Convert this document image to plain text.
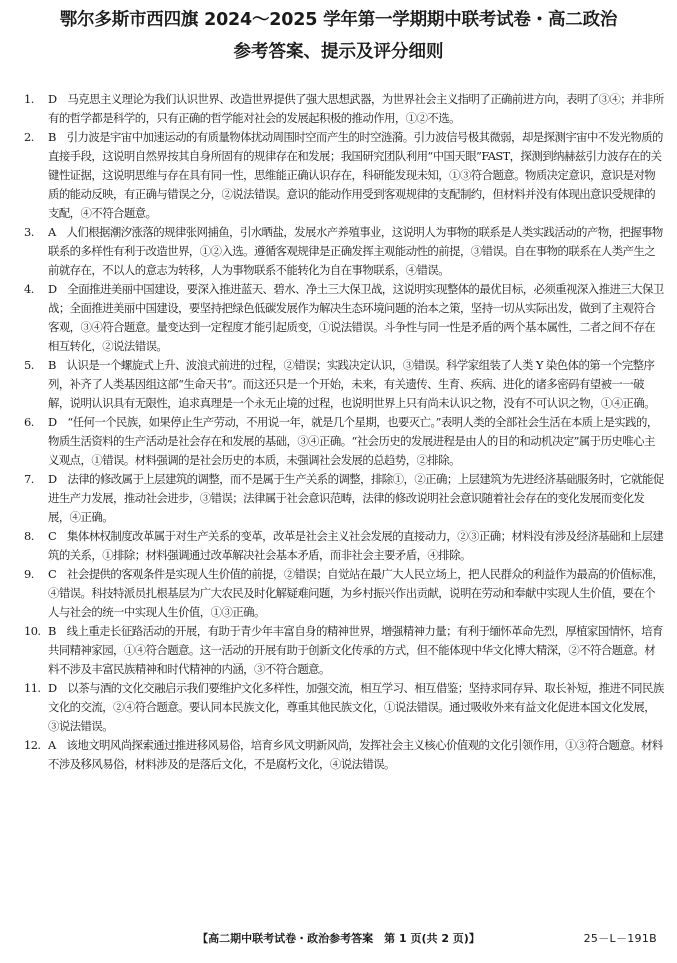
鄂尔多斯市西四旗 2024～2025 学年第一学期期中联考试卷・高二政治
参考答案、提示及评分细则
1. D　马克思主义理论为我们认识世界、改造世界提供了强大思想武器，为世界社会主义指明了正确前进方向，表明了③④；并非所有的哲学都是科学的，只有正确的哲学能对社会的发展起积极的推动作用，①②不选。
2. B　引力波是宇宙中加速运动的有质量物体扰动周围时空而产生的时空涟漪。引力波信号极其微弱，却是探测宇宙中不发光物质的直接手段，这说明自然界按其自身所固有的规律存在和发展；我国研究团队利用“中国天眼”FAST，探测到纳赫兹引力波存在的关键性证据，这说明思维与存在具有同一性，思维能正确认识存在，科研能发现未知，①③符合题意。物质决定意识，意识是对物质的能动反映，有正确与错误之分，②说法错误。意识的能动作用受到客观规律的支配制约，但材料并没有体现出意识受规律的支配，④不符合题意。
3. A　人们根据潮汐涨落的规律张网捕鱼，引水晒盐，发展水产养殖事业，这说明人为事物的联系是人类实践活动的产物，把握事物联系的多样性有利于改造世界，①②入选。遵循客观规律是正确发挥主观能动性的前提，③错误。自在事物的联系在人类产生之前就存在，不以人的意志为转移，人为事物联系不能转化为自在事物联系，④错误。
4. D　全面推进美丽中国建设，要深入推进蓝天、碧水、净土三大保卫战，这说明实现整体的最优目标，必须重视深入推进三大保卫战；全面推进美丽中国建设，要坚持把绿色低碳发展作为解决生态环境问题的治本之策，坚持一切从实际出发，做到了主观符合客观，③④符合题意。量变达到一定程度才能引起质变，①说法错误。斗争性与同一性是矛盾的两个基本属性，二者之间不存在相互转化，②说法错误。
5. B　认识是一个螺旋式上升、波浪式前进的过程，②错误；实践决定认识，③错误。科学家组装了人类 Y 染色体的第一个完整序列，补齐了人类基因组这部“生命天书”。而这还只是一个开始，未来，有关遗传、生育、疾病、进化的诸多密码有望被一一破解，说明认识具有无限性，追求真理是一个永无止境的过程，也说明世界上只有尚未认识之物，没有不可认识之物，①④正确。
6. D　“任何一个民族，如果停止生产劳动，不用说一年，就是几个星期，也要灭亡。”表明人类的全部社会生活在本质上是实践的，物质生活资料的生产活动是社会存在和发展的基础，③④正确。“社会历史的发展进程是由人的目的和动机决定”属于历史唯心主义观点，①错误。材料强调的是社会历史的本质，未强调社会发展的总趋势，②排除。
7. D　法律的修改属于上层建筑的调整，而不是属于生产关系的调整，排除①，②正确；上层建筑为先进经济基础服务时，它就能促进生产力发展，推动社会进步，③错误；法律属于社会意识范畴，法律的修改说明社会意识随着社会存在的变化发展而变化发展，④正确。
8. C　集体林权制度改革属于对生产关系的变革，改革是社会主义社会发展的直接动力，②③正确；材料没有涉及经济基础和上层建筑的关系，①排除；材料强调通过改革解决社会基本矛盾，而非社会主要矛盾，④排除。
9. C　社会提供的客观条件是实现人生价值的前提，②错误；自觉站在最广大人民立场上，把人民群众的利益作为最高的价值标准，④错误。科技特派员扎根基层为广大农民及时化解疑难问题，为乡村振兴作出贡献，说明在劳动和奉献中实现人生价值，要在个人与社会的统一中实现人生价值，①③正确。
10. B　线上重走长征路活动的开展，有助于青少年丰富自身的精神世界，增强精神力量；有利于缅怀革命先烈，厚植家国情怀，培育共同精神家园，①④符合题意。这一活动的开展有助于创新文化传承的方式，但不能体现中华文化博大精深，②不符合题意。材料不涉及丰富民族精神和时代精神的内涵，③不符合题意。
11. D　以茶与酒的文化交融启示我们要维护文化多样性，加强交流，相互学习、相互借鉴；坚持求同存异、取长补短，推进不同民族文化的交流，②④符合题意。要认同本民族文化，尊重其他民族文化，①说法错误。通过吸收外来有益文化促进本国文化发展，③说法错误。
12. A　该地文明风尚探索通过推进移风易俗，培育乡风文明新风尚，发挥社会主义核心价值观的文化引领作用，①③符合题意。材料不涉及移风易俗，材料涉及的是落后文化，不是腐朽文化，④说法错误。
【高二期中联考试卷・政治参考答案　第 1 页(共 2 页)】	25－L－191B
